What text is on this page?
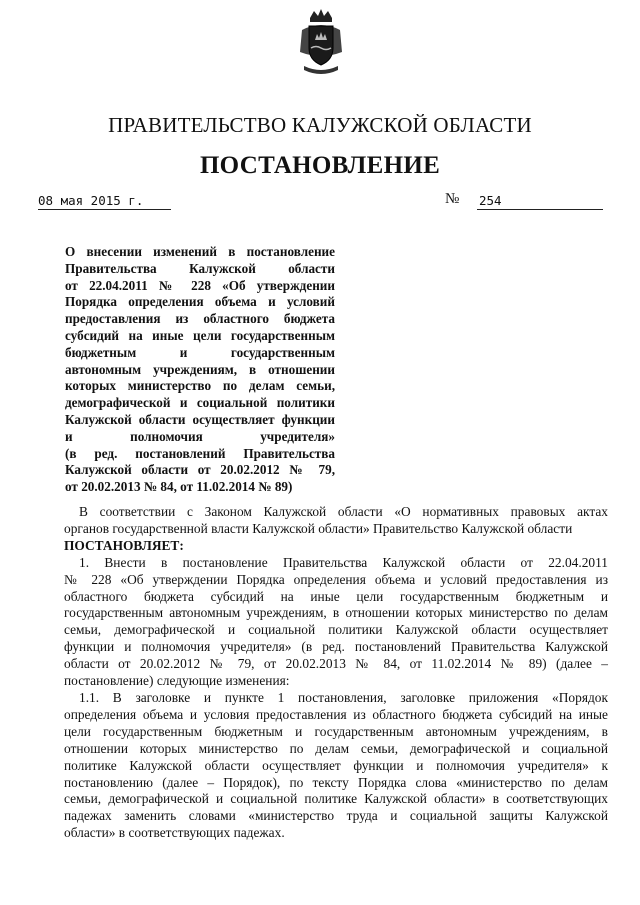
ПРАВИТЕЛЬСТВО КАЛУЖСКОЙ ОБЛАСТИ
ПОСТАНОВЛЕНИЕ
08 мая 2015 г.	№ 254
О внесении изменений в постановление
Правительства Калужской области
от 22.04.2011 № 228 «Об утверждении
Порядка определения объема и условий
предоставления из областного бюджета
субсидий на иные цели государственным
бюджетным и государственным
автономным учреждениям, в отношении
которых министерство по делам семьи,
демографической и социальной политики
Калужской области осуществляет функции
и полномочия учредителя»
(в ред. постановлений Правительства
Калужской области от 20.02.2012 № 79,
от 20.02.2013 № 84, от 11.02.2014 № 89)
В соответствии с Законом Калужской области «О нормативных правовых актах
органов государственной власти Калужской области» Правительство Калужской области
ПОСТАНОВЛЯЕТ:
1. Внести в постановление Правительства Калужской области от 22.04.2011
№ 228 «Об утверждении Порядка определения объема и условий предоставления из
областного бюджета субсидий на иные цели государственным бюджетным и
государственным автономным учреждениям, в отношении которых министерство по делам
семьи, демографической и социальной политики Калужской области осуществляет
функции и полномочия учредителя» (в ред. постановлений Правительства Калужской
области от 20.02.2012 № 79, от 20.02.2013 № 84, от 11.02.2014 № 89) (далее –
постановление) следующие изменения:
1.1. В заголовке и пункте 1 постановления, заголовке приложения «Порядок
определения объема и условия предоставления из областного бюджета субсидий на иные
цели государственным бюджетным и государственным автономным учреждениям, в
отношении которых министерство по делам семьи, демографической и социальной
политике Калужской области осуществляет функции и полномочия учредителя» к
постановлению (далее – Порядок), по тексту Порядка слова «министерство по делам
семьи, демографической и социальной политике Калужской области» в соответствующих
падежах заменить словами «министерство труда и социальной защиты Калужской
области» в соответствующих падежах.
